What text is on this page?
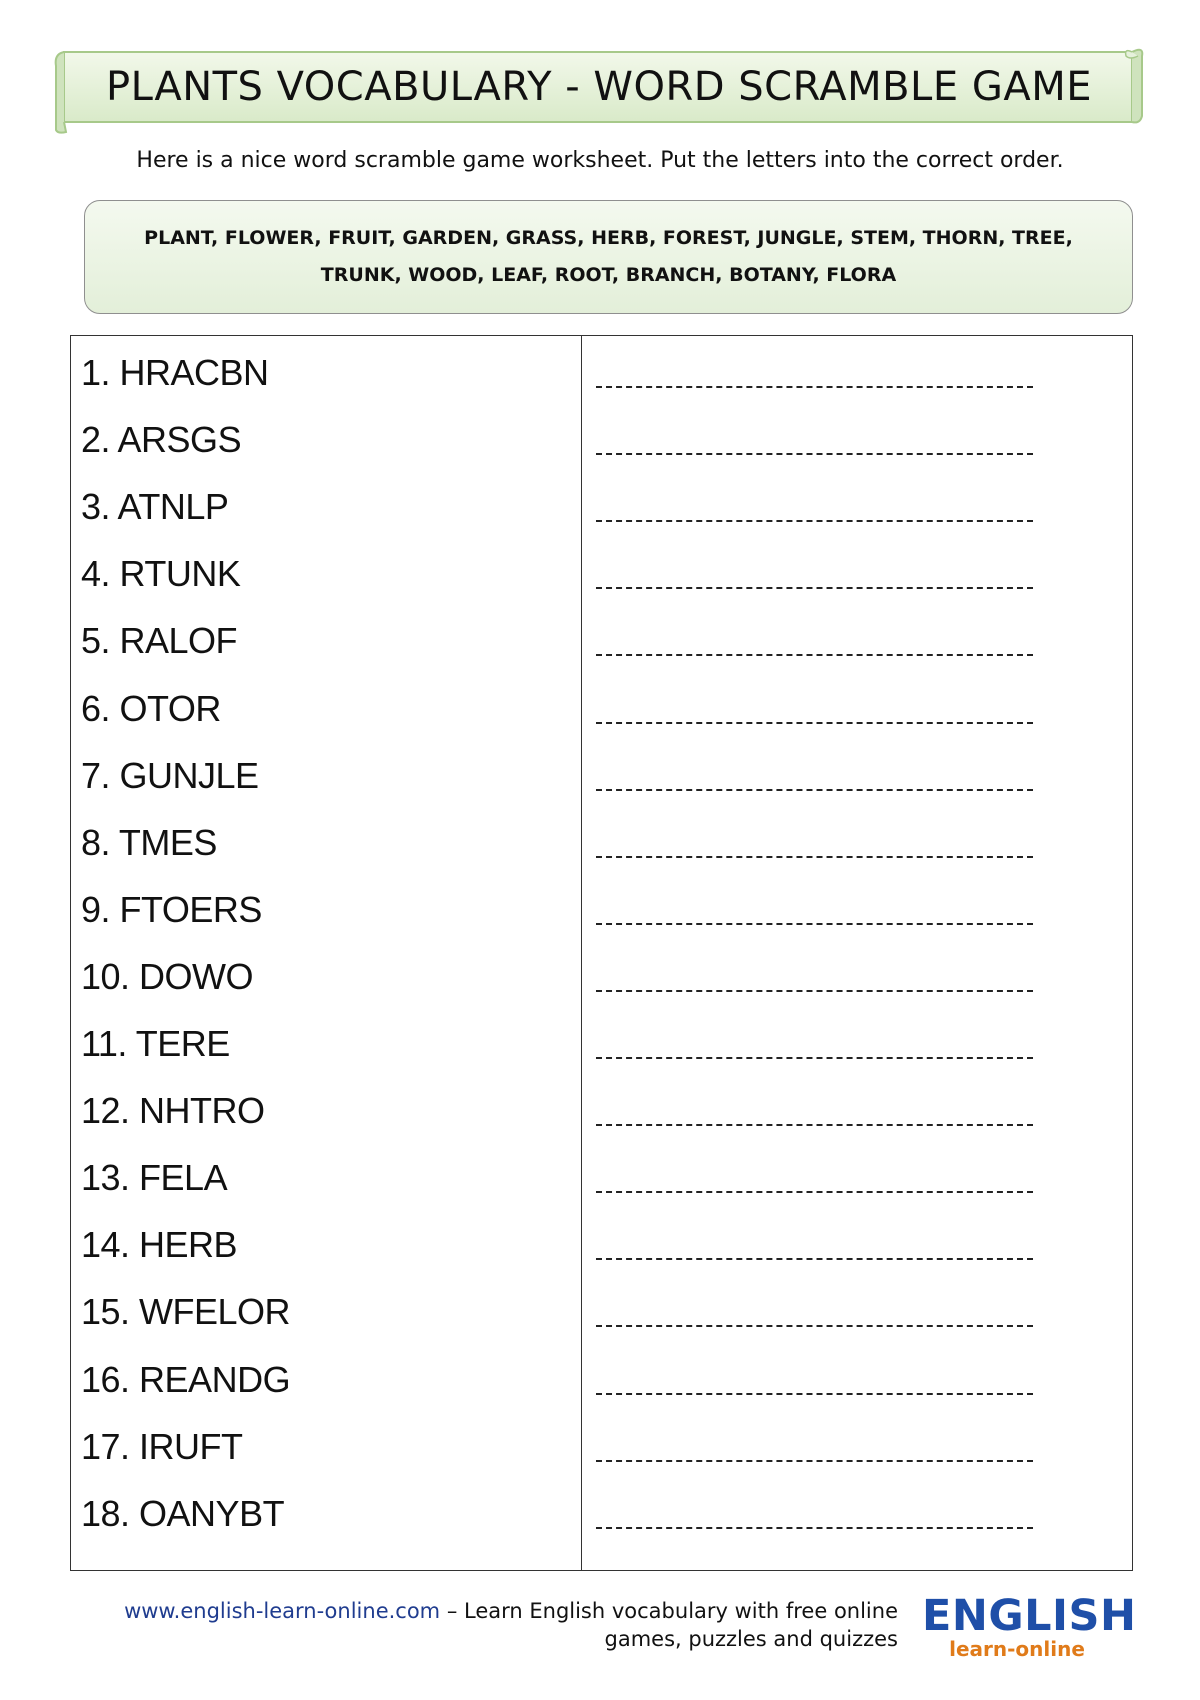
PLANTS VOCABULARY - WORD SCRAMBLE GAME
Here is a nice word scramble game worksheet. Put the letters into the correct order.
PLANT, FLOWER, FRUIT, GARDEN, GRASS, HERB, FOREST, JUNGLE, STEM, THORN, TREE,
TRUNK, WOOD, LEAF, ROOT, BRANCH, BOTANY, FLORA
1. HRACBN
2. ARSGS
3. ATNLP
4. RTUNK
5. RALOF
6. OTOR
7. GUNJLE
8. TMES
9. FTOERS
10. DOWO
11. TERE
12. NHTRO
13. FELA
14. HERB
15. WFELOR
16. REANDG
17. IRUFT
18. OANYBT
www.english-learn-online.com – Learn English vocabulary with free online
games, puzzles and quizzes ENGLISH
learn-online
